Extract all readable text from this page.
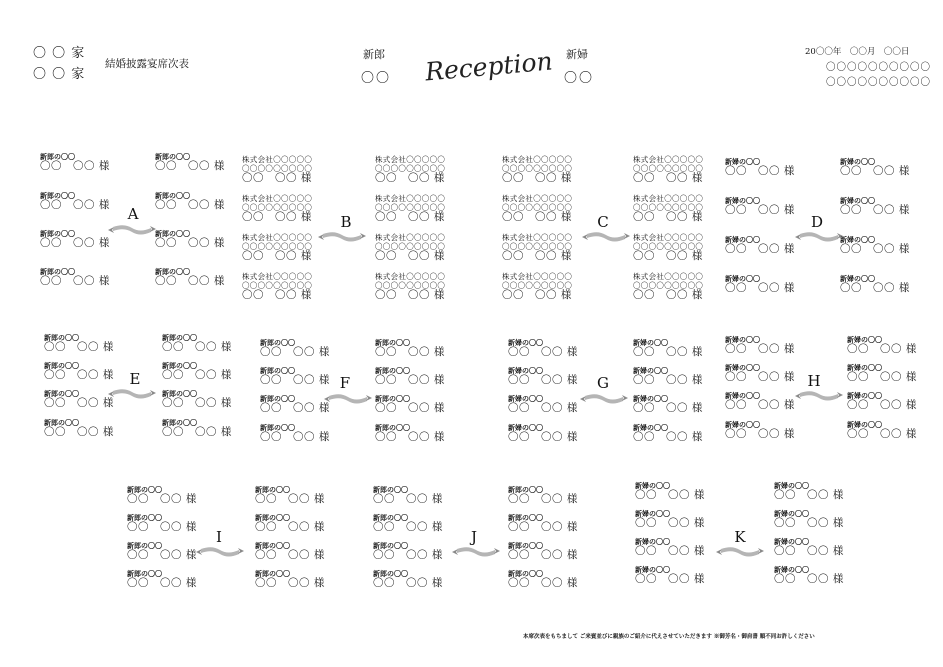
〇 〇 家
〇 〇 家
結婚披露宴席次表
新郎
〇〇 Reception 新婦
〇〇
20〇〇年　〇〇月　〇〇日
〇〇〇〇〇〇〇〇〇〇
〇〇〇〇〇〇〇〇〇〇
A
新郎の〇〇
〇〇　〇〇 様
新郎の〇〇
〇〇　〇〇 様
新郎の〇〇
〇〇　〇〇 様
新郎の〇〇
〇〇　〇〇 様
新郎の〇〇
〇〇　〇〇 様
新郎の〇〇
〇〇　〇〇 様
新郎の〇〇
〇〇　〇〇 様
新郎の〇〇
〇〇　〇〇 様
B
株式会社〇〇〇〇〇
〇〇〇〇〇〇〇〇〇
〇〇　〇〇 様
株式会社〇〇〇〇〇
〇〇〇〇〇〇〇〇〇
〇〇　〇〇 様
株式会社〇〇〇〇〇
〇〇〇〇〇〇〇〇〇
〇〇　〇〇 様
株式会社〇〇〇〇〇
〇〇〇〇〇〇〇〇〇
〇〇　〇〇 様
株式会社〇〇〇〇〇
〇〇〇〇〇〇〇〇〇
〇〇　〇〇 様
株式会社〇〇〇〇〇
〇〇〇〇〇〇〇〇〇
〇〇　〇〇 様
株式会社〇〇〇〇〇
〇〇〇〇〇〇〇〇〇
〇〇　〇〇 様
株式会社〇〇〇〇〇
〇〇〇〇〇〇〇〇〇
〇〇　〇〇 様
C
株式会社〇〇〇〇〇
〇〇〇〇〇〇〇〇〇
〇〇　〇〇 様
株式会社〇〇〇〇〇
〇〇〇〇〇〇〇〇〇
〇〇　〇〇 様
株式会社〇〇〇〇〇
〇〇〇〇〇〇〇〇〇
〇〇　〇〇 様
株式会社〇〇〇〇〇
〇〇〇〇〇〇〇〇〇
〇〇　〇〇 様
株式会社〇〇〇〇〇
〇〇〇〇〇〇〇〇〇
〇〇　〇〇 様
株式会社〇〇〇〇〇
〇〇〇〇〇〇〇〇〇
〇〇　〇〇 様
株式会社〇〇〇〇〇
〇〇〇〇〇〇〇〇〇
〇〇　〇〇 様
株式会社〇〇〇〇〇
〇〇〇〇〇〇〇〇〇
〇〇　〇〇 様
D
新婦の〇〇
〇〇　〇〇 様
新婦の〇〇
〇〇　〇〇 様
新婦の〇〇
〇〇　〇〇 様
新婦の〇〇
〇〇　〇〇 様
新婦の〇〇
〇〇　〇〇 様
新婦の〇〇
〇〇　〇〇 様
新婦の〇〇
〇〇　〇〇 様
新婦の〇〇
〇〇　〇〇 様
E
新郎の〇〇
〇〇　〇〇 様
新郎の〇〇
〇〇　〇〇 様
新郎の〇〇
〇〇　〇〇 様
新郎の〇〇
〇〇　〇〇 様
新郎の〇〇
〇〇　〇〇 様
新郎の〇〇
〇〇　〇〇 様
新郎の〇〇
〇〇　〇〇 様
新郎の〇〇
〇〇　〇〇 様
F
新郎の〇〇
〇〇　〇〇 様
新郎の〇〇
〇〇　〇〇 様
新郎の〇〇
〇〇　〇〇 様
新郎の〇〇
〇〇　〇〇 様
新郎の〇〇
〇〇　〇〇 様
新郎の〇〇
〇〇　〇〇 様
新郎の〇〇
〇〇　〇〇 様
新郎の〇〇
〇〇　〇〇 様
G
新婦の〇〇
〇〇　〇〇 様
新婦の〇〇
〇〇　〇〇 様
新婦の〇〇
〇〇　〇〇 様
新婦の〇〇
〇〇　〇〇 様
新婦の〇〇
〇〇　〇〇 様
新婦の〇〇
〇〇　〇〇 様
新婦の〇〇
〇〇　〇〇 様
新婦の〇〇
〇〇　〇〇 様
H
新婦の〇〇
〇〇　〇〇 様
新婦の〇〇
〇〇　〇〇 様
新婦の〇〇
〇〇　〇〇 様
新婦の〇〇
〇〇　〇〇 様
新婦の〇〇
〇〇　〇〇 様
新婦の〇〇
〇〇　〇〇 様
新婦の〇〇
〇〇　〇〇 様
新婦の〇〇
〇〇　〇〇 様
I
新郎の〇〇
〇〇　〇〇 様
新郎の〇〇
〇〇　〇〇 様
新郎の〇〇
〇〇　〇〇 様
新郎の〇〇
〇〇　〇〇 様
新郎の〇〇
〇〇　〇〇 様
新郎の〇〇
〇〇　〇〇 様
新郎の〇〇
〇〇　〇〇 様
新郎の〇〇
〇〇　〇〇 様
J
新郎の〇〇
〇〇　〇〇 様
新郎の〇〇
〇〇　〇〇 様
新郎の〇〇
〇〇　〇〇 様
新郎の〇〇
〇〇　〇〇 様
新郎の〇〇
〇〇　〇〇 様
新郎の〇〇
〇〇　〇〇 様
新郎の〇〇
〇〇　〇〇 様
新郎の〇〇
〇〇　〇〇 様
K
新婦の〇〇
〇〇　〇〇 様
新婦の〇〇
〇〇　〇〇 様
新婦の〇〇
〇〇　〇〇 様
新婦の〇〇
〇〇　〇〇 様
新婦の〇〇
〇〇　〇〇 様
新婦の〇〇
〇〇　〇〇 様
新婦の〇〇
〇〇　〇〇 様
新婦の〇〇
〇〇　〇〇 様
本席次表をもちまして ご来賓並びに親族のご紹介に代えさせていただきます ※御芳名・御肩書 順不同お許しください
